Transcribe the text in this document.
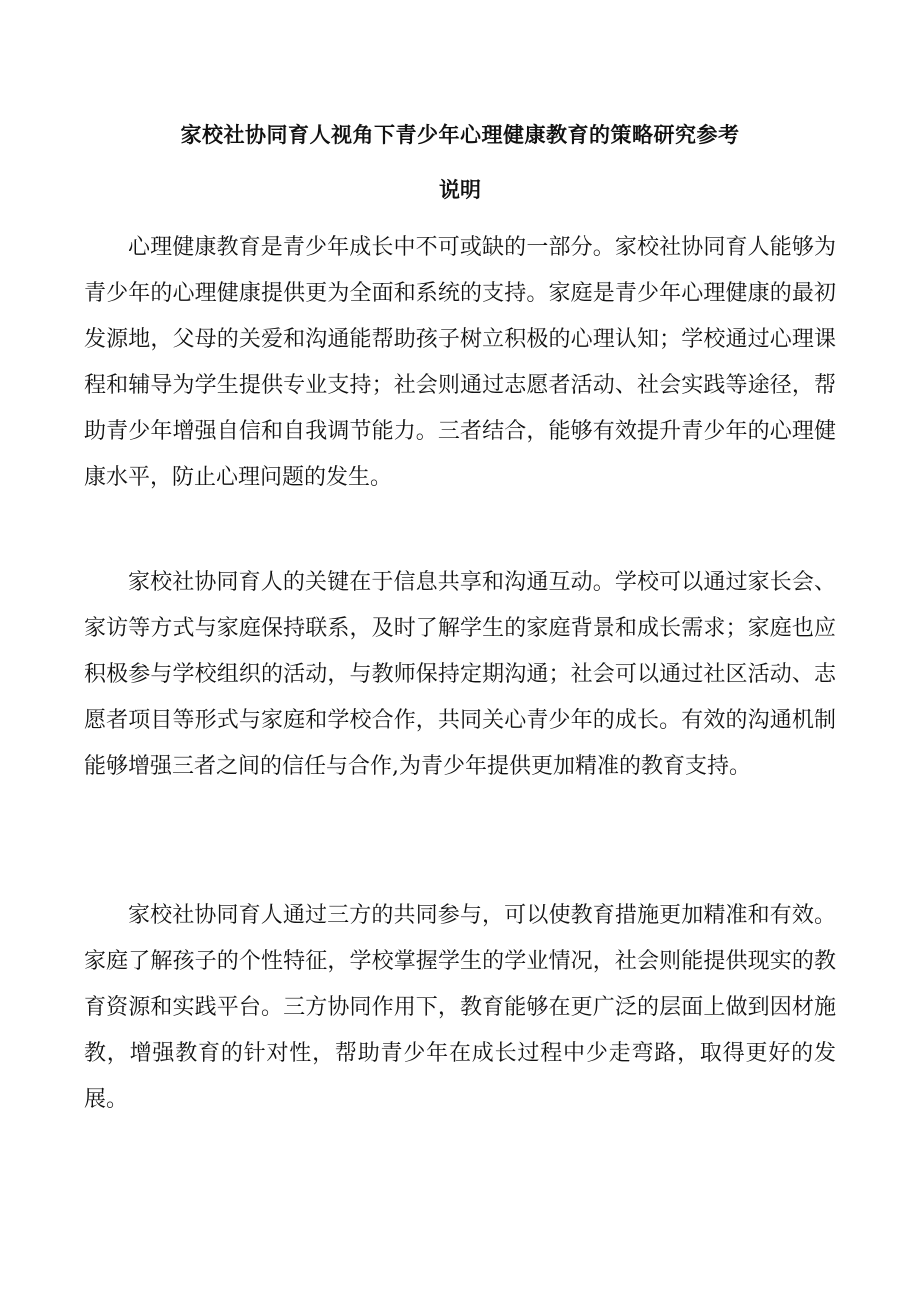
家校社协同育人视角下青少年心理健康教育的策略研究参考
说明

心理健康教育是青少年成长中不可或缺的一部分。家校社协同育人能够为青少年的心理健康提供更为全面和系统的支持。家庭是青少年心理健康的最初发源地，父母的关爱和沟通能帮助孩子树立积极的心理认知；学校通过心理课程和辅导为学生提供专业支持；社会则通过志愿者活动、社会实践等途径，帮助青少年增强自信和自我调节能力。三者结合，能够有效提升青少年的心理健康水平，防止心理问题的发生。

家校社协同育人的关键在于信息共享和沟通互动。学校可以通过家长会、家访等方式与家庭保持联系，及时了解学生的家庭背景和成长需求；家庭也应积极参与学校组织的活动，与教师保持定期沟通；社会可以通过社区活动、志愿者项目等形式与家庭和学校合作，共同关心青少年的成长。有效的沟通机制能够增强三者之间的信任与合作,为青少年提供更加精准的教育支持。

家校社协同育人通过三方的共同参与，可以使教育措施更加精准和有效。家庭了解孩子的个性特征，学校掌握学生的学业情况，社会则能提供现实的教育资源和实践平台。三方协同作用下，教育能够在更广泛的层面上做到因材施教，增强教育的针对性，帮助青少年在成长过程中少走弯路，取得更好的发展。
